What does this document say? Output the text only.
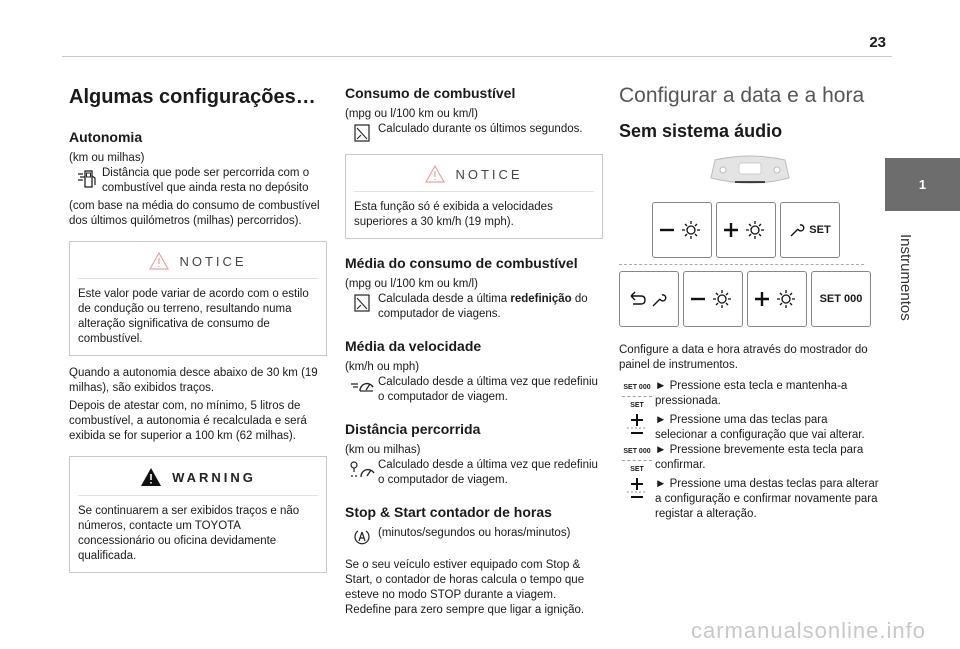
23
1
Instrumentos
Algumas configurações…
Autonomia
(km ou milhas)
Distância que pode ser percorrida com o combustível que ainda resta no depósito
(com base na média do consumo de combustível dos últimos quilómetros (milhas) percorridos).
NOTICE
Este valor pode variar de acordo com o estilo de condução ou terreno, resultando numa alteração significativa de consumo de combustível.
Quando a autonomia desce abaixo de 30 km (19 milhas), são exibidos traços.
Depois de atestar com, no mínimo, 5 litros de combustível, a autonomia é recalculada e será exibida se for superior a 100 km (62 milhas).
WARNING
Se continuarem a ser exibidos traços e não números, contacte um TOYOTA concessionário ou oficina devidamente qualificada.
Consumo de combustível
(mpg ou l/100 km ou km/l)
Calculado durante os últimos segundos.
NOTICE
Esta função só é exibida a velocidades superiores a 30 km/h (19 mph).
Média do consumo de combustível
(mpg ou l/100 km ou km/l)
Calculada desde a última redefinição do computador de viagens.
Média da velocidade
(km/h ou mph)
Calculado desde a última vez que redefiniu o computador de viagem.
Distância percorrida
(km ou milhas)
Calculado desde a última vez que redefiniu o computador de viagem.
Stop & Start contador de horas
(minutos/segundos ou horas/minutos)
Se o seu veículo estiver equipado com Stop & Start, o contador de horas calcula o tempo que esteve no modo STOP durante a viagem. Redefine para zero sempre que ligar a ignição.
Configurar a data e a hora
Sem sistema áudio
SET
SET 000
Configure a data e hora através do mostrador do painel de instrumentos.
SET 000
SET
► Pressione esta tecla e mantenha-a pressionada.
► Pressione uma das teclas para selecionar a configuração que vai alterar.
SET 000
SET
► Pressione brevemente esta tecla para confirmar.
► Pressione uma destas teclas para alterar a configuração e confirmar novamente para registar a alteração.
carmanualsonline.info
